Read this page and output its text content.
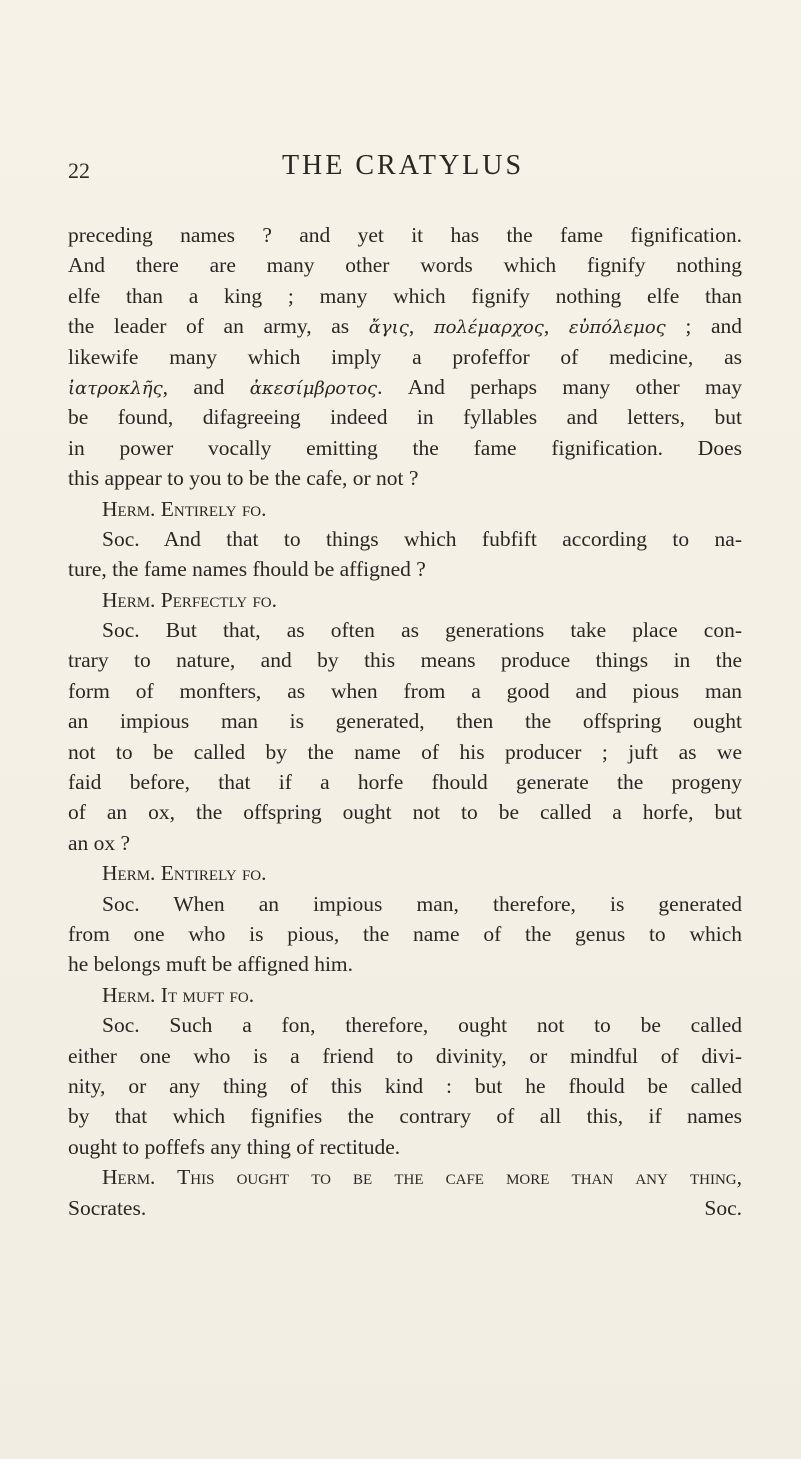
22	THE CRATYLUS
preceding names ? and yet it has the fame fignification.
And there are many other words which fignify nothing
elfe than a king ; many which fignify nothing elfe than
the leader of an army, as ἄγις, πολέμαρχος, εὐπόλεμος ; and
likewife many which imply a profeffor of medicine, as
ἰατροκλῆς, and ἀκεσίμβροτος. And perhaps many other may
be found, difagreeing indeed in fyllables and letters, but
in power vocally emitting the fame fignification. Does
this appear to you to be the cafe, or not ?
Herm. Entirely fo.
Soc. And that to things which fubfift according to na-
ture, the fame names fhould be affigned ?
Herm. Perfectly fo.
Soc. But that, as often as generations take place con-
trary to nature, and by this means produce things in the
form of monfters, as when from a good and pious man
an impious man is generated, then the offspring ought
not to be called by the name of his producer ; juft as we
faid before, that if a horfe fhould generate the progeny
of an ox, the offspring ought not to be called a horfe, but
an ox ?
Herm. Entirely fo.
Soc. When an impious man, therefore, is generated
from one who is pious, the name of the genus to which
he belongs muft be affigned him.
Herm. It muft fo.
Soc. Such a fon, therefore, ought not to be called
either one who is a friend to divinity, or mindful of divi-
nity, or any thing of this kind : but he fhould be called
by that which fignifies the contrary of all this, if names
ought to poffefs any thing of rectitude.
Herm. This ought to be the cafe more than any thing,
Socrates.	Soc.
